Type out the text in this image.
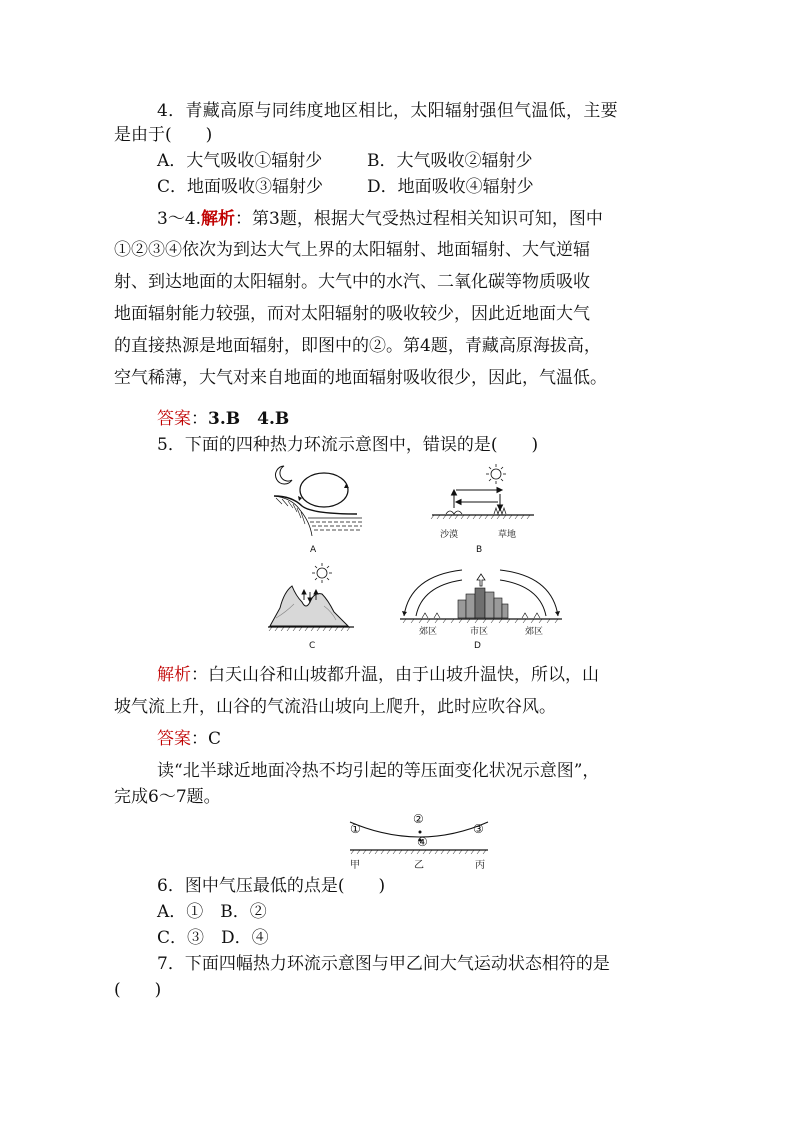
4．青藏高原与同纬度地区相比，太阳辐射强但气温低，主要
是由于(　　)
A．大气吸收①辐射少	B．大气吸收②辐射少
C．地面吸收③辐射少	D．地面吸收④辐射少
3～4.解析：第3题，根据大气受热过程相关知识可知，图中
①②③④依次为到达大气上界的太阳辐射、地面辐射、大气逆辐
射、到达地面的太阳辐射。大气中的水汽、二氧化碳等物质吸收
地面辐射能力较强，而对太阳辐射的吸收较少，因此近地面大气
的直接热源是地面辐射，即图中的②。第4题，青藏高原海拔高，
空气稀薄，大气对来自地面的地面辐射吸收很少，因此，气温低。
答案：3.B　4.B
5．下面的四种热力环流示意图中，错误的是(　　)
A
沙漠	草地
B
C
郊区	市区	郊区
D
解析：白天山谷和山坡都升温，由于山坡升温快，所以，山
坡气流上升，山谷的气流沿山坡向上爬升，此时应吹谷风。
答案：C
读“北半球近地面冷热不均引起的等压面变化状况示意图”，
完成6～7题。
①
②
③
④
甲	乙	丙
6．图中气压最低的点是(　　)
A．①　B．②
C．③　D．④
7．下面四幅热力环流示意图与甲乙间大气运动状态相符的是
(　　)
